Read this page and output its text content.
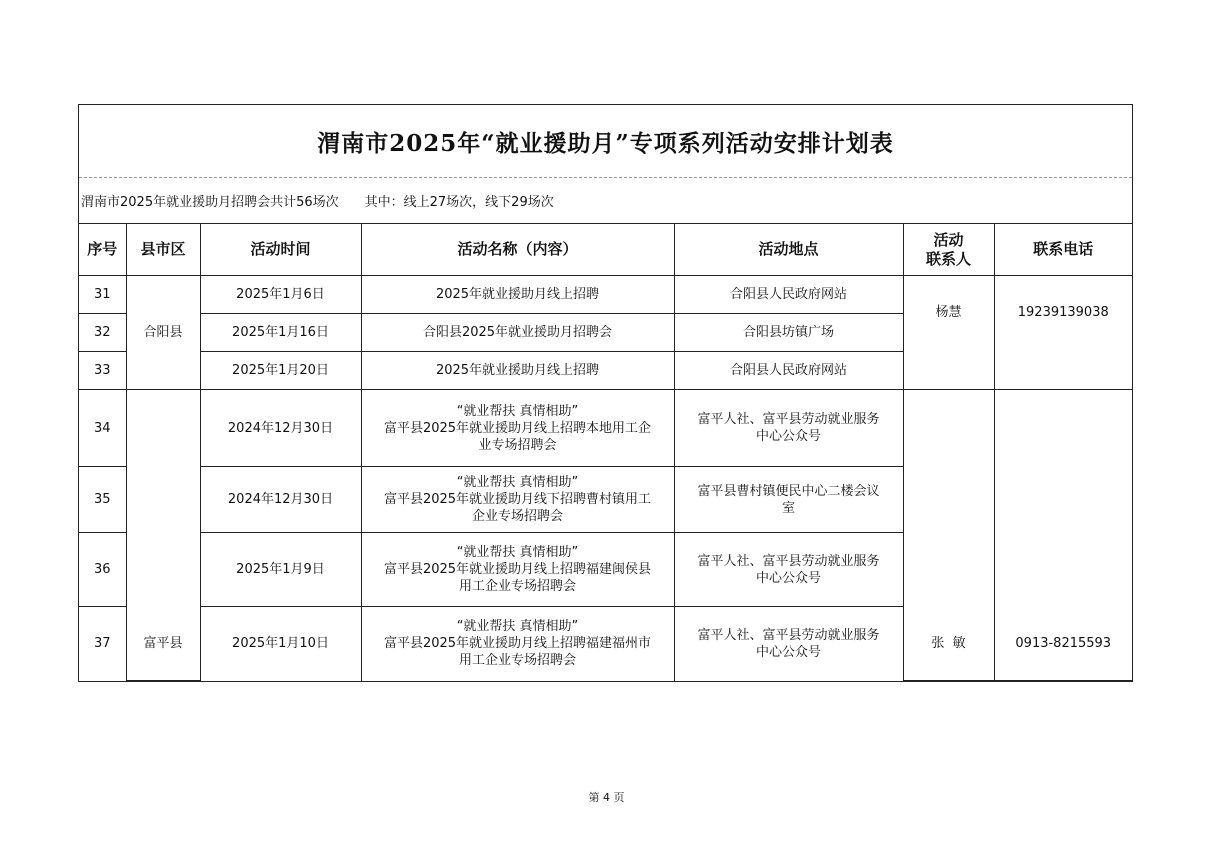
渭南市2025年“就业援助月”专项系列活动安排计划表
渭南市2025年就业援助月招聘会共计56场次 其中：线上27场次，线下29场次
序号	县市区	活动时间	活动名称（内容）	活动地点	活动
联系人	联系电话
31	合阳县	2025年1月6日	2025年就业援助月线上招聘	合阳县人民政府网站	杨慧	19239139038
32		2025年1月16日	合阳县2025年就业援助月招聘会	合阳县坊镇广场		
33		2025年1月20日	2025年就业援助月线上招聘	合阳县人民政府网站		
34	富平县	2024年12月30日	“就业帮扶 真情相助”
富平县2025年就业援助月线上招聘本地用工企
业专场招聘会	富平人社、富平县劳动就业服务
中心公众号	张  敏	0913-8215593
35		2024年12月30日	“就业帮扶 真情相助”
富平县2025年就业援助月线下招聘曹村镇用工
企业专场招聘会	富平县曹村镇便民中心二楼会议
室		
36		2025年1月9日	“就业帮扶 真情相助”
富平县2025年就业援助月线上招聘福建闽侯县
用工企业专场招聘会	富平人社、富平县劳动就业服务
中心公众号		
37		2025年1月10日	“就业帮扶 真情相助”
富平县2025年就业援助月线上招聘福建福州市
用工企业专场招聘会	富平人社、富平县劳动就业服务
中心公众号		
第 4 页
